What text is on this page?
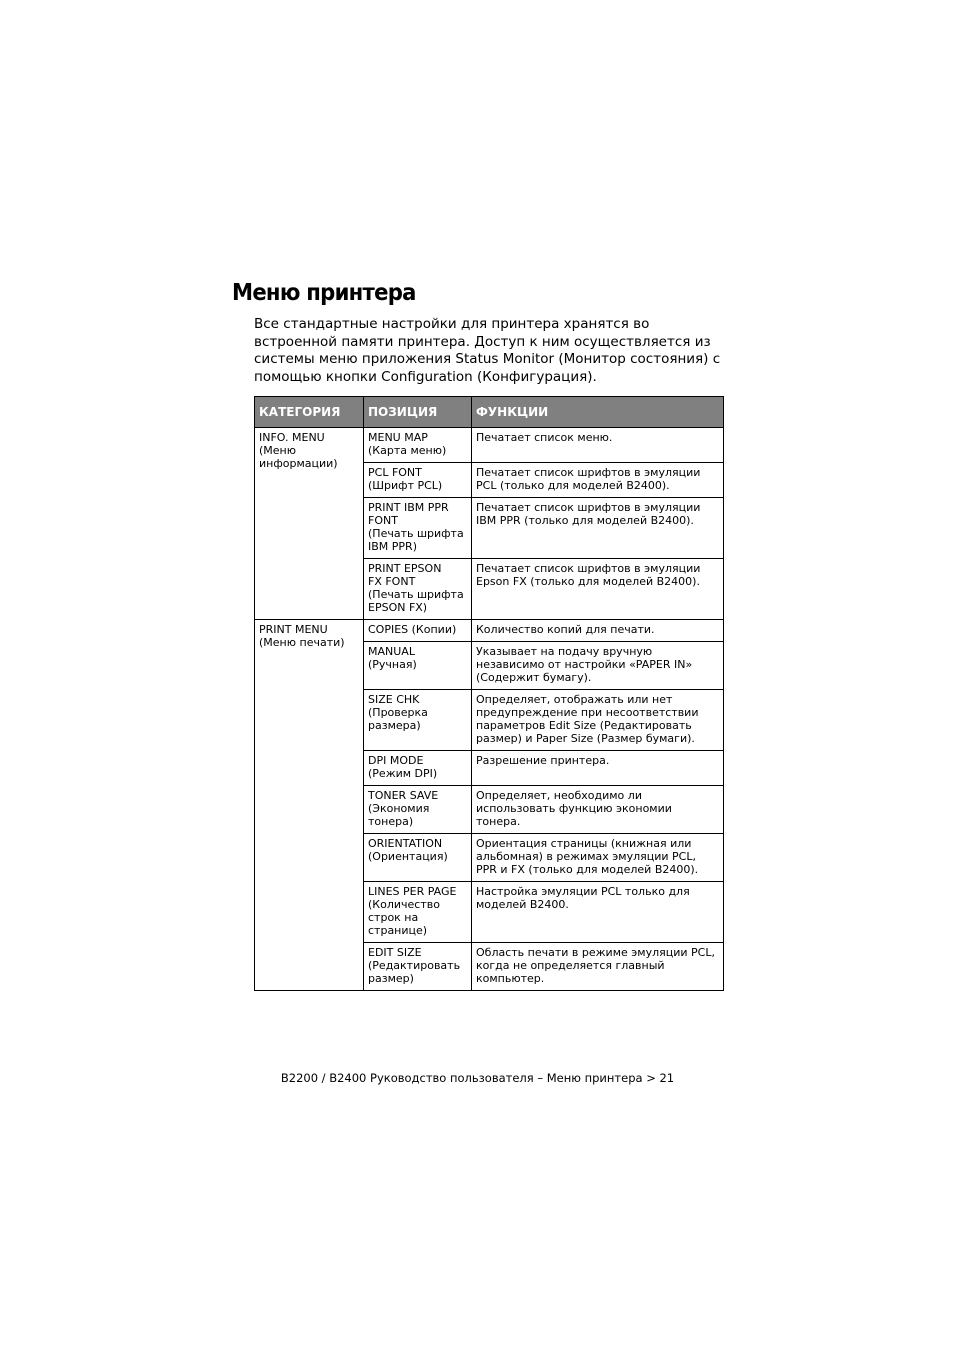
Меню принтера

Все стандартные настройки для принтера хранятся во встроенной памяти принтера. Доступ к ним осуществляется из системы меню приложения Status Monitor (Монитор состояния) с помощью кнопки Configuration (Конфигурация).

КАТЕГОРИЯ	ПОЗИЦИЯ	ФУНКЦИИ

INFO. MENU
(Меню
информации)	MENU MAP
(Карта меню)	Печатает список меню.

	PCL FONT
(Шрифт PCL)	Печатает список шрифтов в эмуляции
PCL (только для моделей B2400).

	PRINT IBM PPR
FONT
(Печать шрифта
IBM PPR)	Печатает список шрифтов в эмуляции
IBM PPR (только для моделей B2400).

	PRINT EPSON
FX FONT
(Печать шрифта
EPSON FX)	Печатает список шрифтов в эмуляции
Epson FX (только для моделей B2400).

PRINT MENU
(Меню печати)	COPIES (Копии)	Количество копий для печати.

	MANUAL
(Ручная)	Указывает на подачу вручную
независимо от настройки «PAPER IN»
(Содержит бумагу).

	SIZE CHK
(Проверка
размера)	Определяет, отображать или нет
предупреждение при несоответствии
параметров Edit Size (Редактировать
размер) и Paper Size (Размер бумаги).

	DPI MODE
(Режим DPI)	Разрешение принтера.

	TONER SAVE
(Экономия
тонера)	Определяет, необходимо ли
использовать функцию экономии тонера.

	ORIENTATION
(Ориентация)	Ориентация страницы (книжная или
альбомная) в режимах эмуляции PCL,
PPR и FX (только для моделей B2400).

	LINES PER PAGE
(Количество
строк на
странице)	Настройка эмуляции PCL только для
моделей B2400.

	EDIT SIZE
(Редактировать
размер)	Область печати в режиме эмуляции PCL,
когда не определяется главный
компьютер.

B2200 / B2400 Руководство пользователя – Меню принтера > 21
